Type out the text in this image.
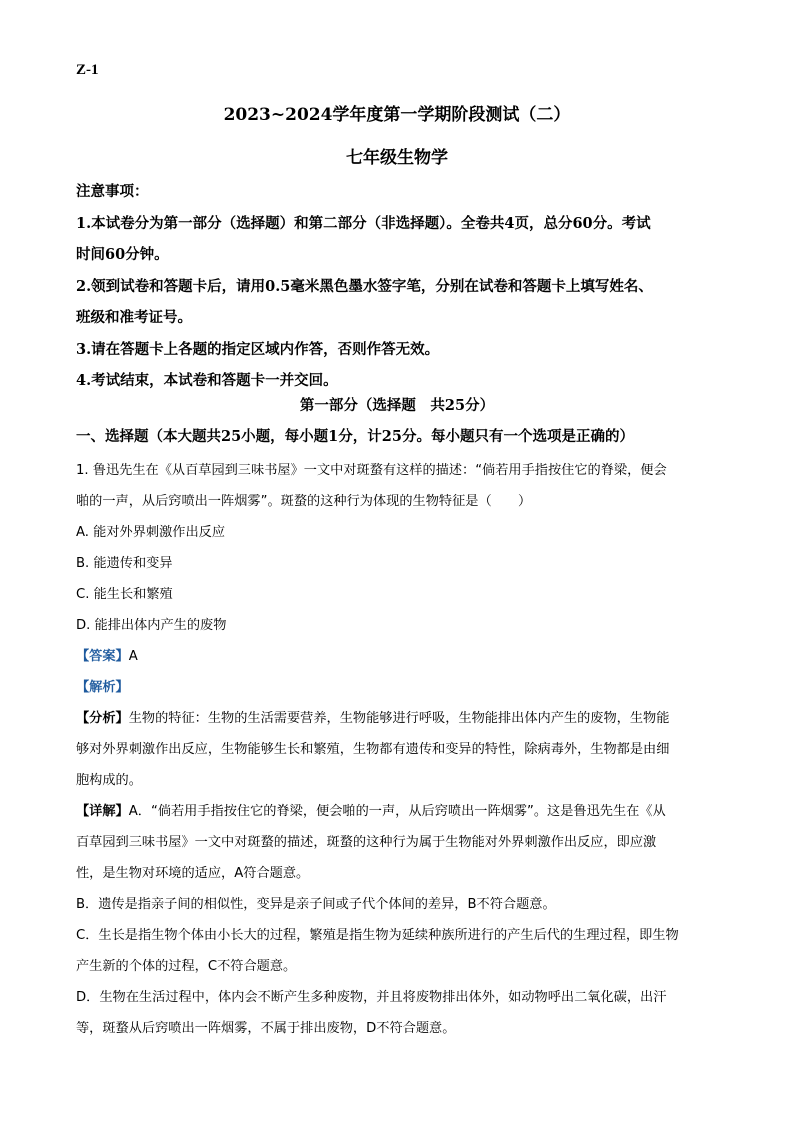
Z-1
2023~2024学年度第一学期阶段测试（二）
七年级生物学

注意事项：

1.本试卷分为第一部分（选择题）和第二部分（非选择题）。全卷共4页，总分60分。考试

时间60分钟。

2.领到试卷和答题卡后，请用0.5毫米黑色墨水签字笔，分别在试卷和答题卡上填写姓名、

班级和准考证号。

3.请在答题卡上各题的指定区域内作答，否则作答无效。

4.考试结束，本试卷和答题卡一并交回。

第一部分（选择题　共25分）
一、选择题（本大题共25小题，每小题1分，计25分。每小题只有一个选项是正确的）

1. 鲁迅先生在《从百草园到三味书屋》一文中对斑蝥有这样的描述：“倘若用手指按住它的脊梁，便会

啪的一声，从后窍喷出一阵烟雾”。斑蝥的这种行为体现的生物特征是（　　）

A. 能对外界刺激作出反应

B. 能遗传和变异

C. 能生长和繁殖

D. 能排出体内产生的废物

【答案】A

【解析】

【分析】生物的特征：生物的生活需要营养，生物能够进行呼吸，生物能排出体内产生的废物，生物能

够对外界刺激作出反应，生物能够生长和繁殖，生物都有遗传和变异的特性，除病毒外，生物都是由细

胞构成的。

【详解】A．“倘若用手指按住它的脊梁，便会啪的一声，从后窍喷出一阵烟雾”。这是鲁迅先生在《从

百草园到三味书屋》一文中对斑蝥的描述，斑蝥的这种行为属于生物能对外界刺激作出反应，即应激

性，是生物对环境的适应，A符合题意。

B．遗传是指亲子间的相似性，变异是亲子间或子代个体间的差异，B不符合题意。

C．生长是指生物个体由小长大的过程，繁殖是指生物为延续种族所进行的产生后代的生理过程，即生物

产生新的个体的过程，C不符合题意。

D．生物在生活过程中，体内会不断产生多种废物，并且将废物排出体外，如动物呼出二氧化碳，出汗

等，斑蝥从后窍喷出一阵烟雾，不属于排出废物，D不符合题意。
